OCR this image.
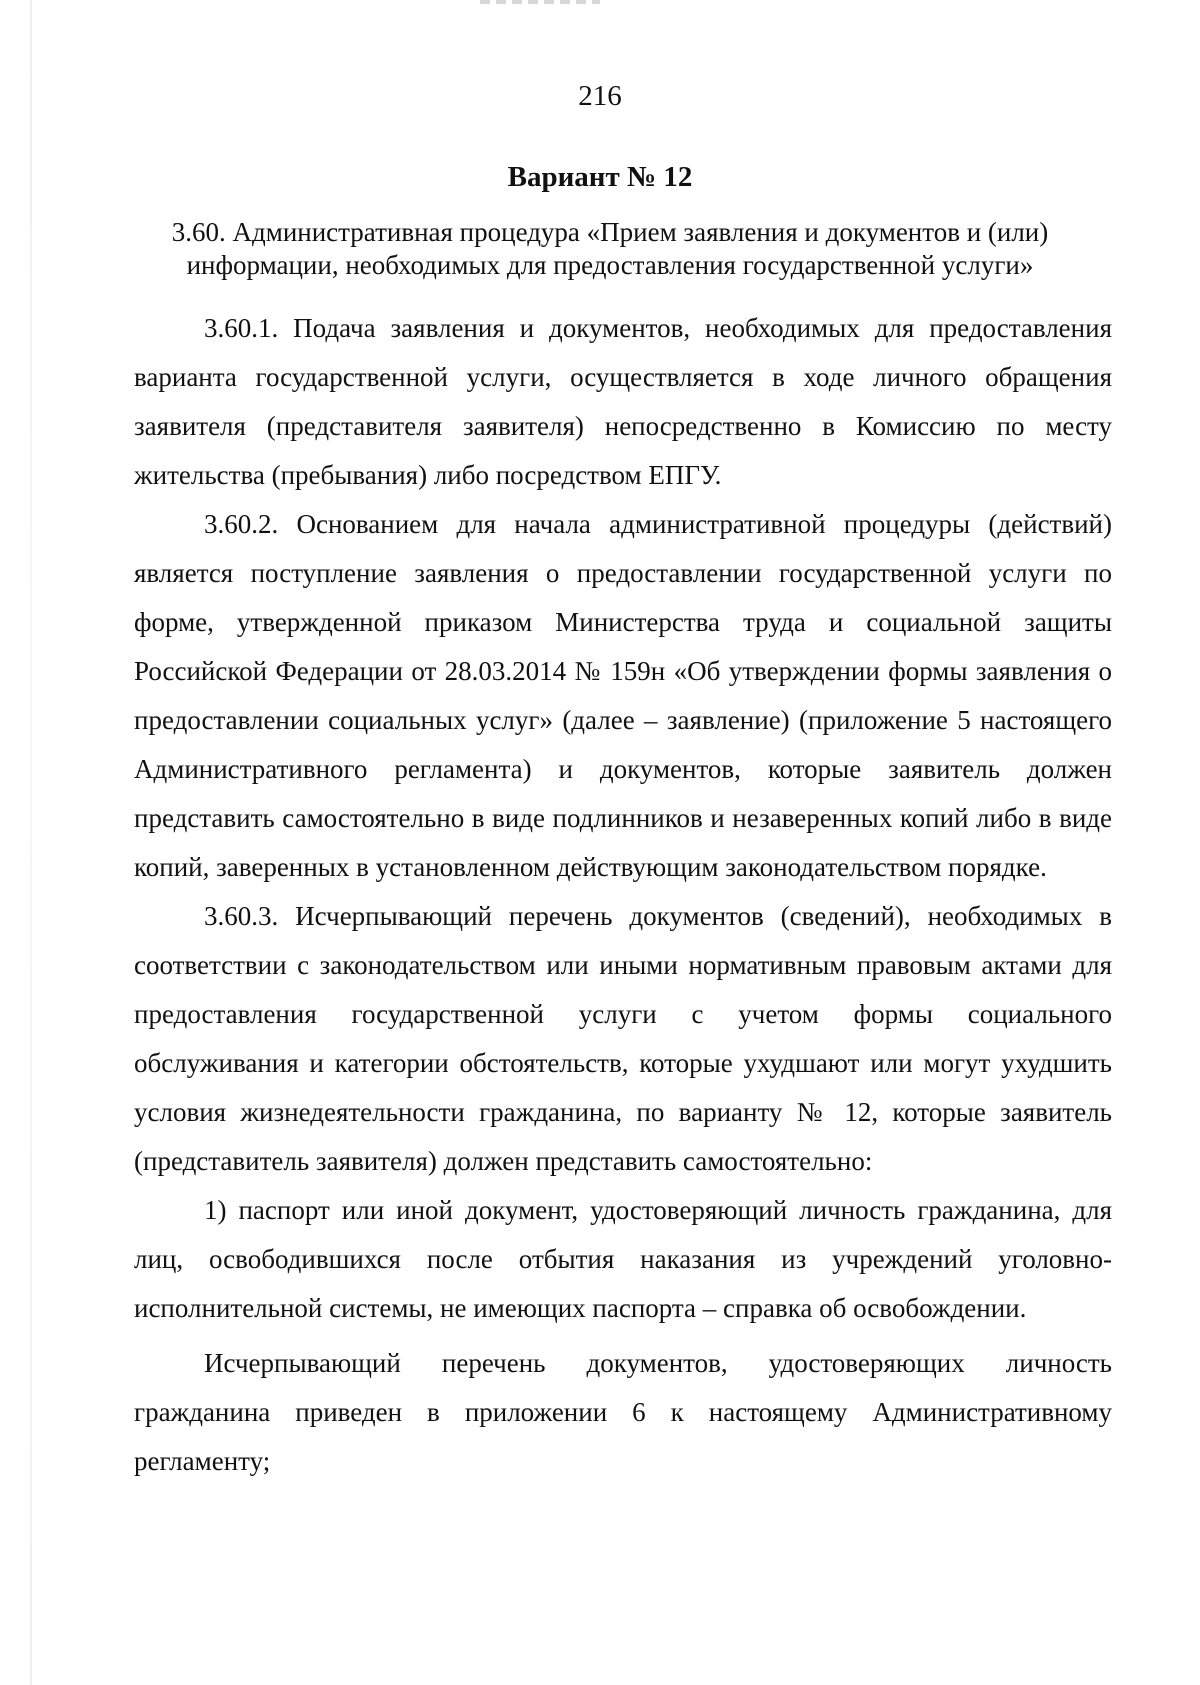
216
Вариант № 12
3.60. Административная процедура «Прием заявления и документов и (или)
информации, необходимых для предоставления государственной услуги»

3.60.1. Подача заявления и документов, необходимых для предоставления варианта государственной услуги, осуществляется в ходе личного обращения заявителя (представителя заявителя) непосредственно в Комиссию по месту жительства (пребывания) либо посредством ЕПГУ.

3.60.2. Основанием для начала административной процедуры (действий) является поступление заявления о предоставлении государственной услуги по форме, утвержденной приказом Министерства труда и социальной защиты Российской Федерации от 28.03.2014 № 159н «Об утверждении формы заявления о предоставлении социальных услуг» (далее – заявление) (приложение 5 настоящего Административного регламента) и документов, которые заявитель должен представить самостоятельно в виде подлинников и незаверенных копий либо в виде копий, заверенных в установленном действующим законодательством порядке.

3.60.3. Исчерпывающий перечень документов (сведений), необходимых в соответствии с законодательством или иными нормативным правовым актами для предоставления государственной услуги с учетом формы социального обслуживания и категории обстоятельств, которые ухудшают или могут ухудшить условия жизнедеятельности гражданина, по варианту № 12, которые заявитель (представитель заявителя) должен представить самостоятельно:

1) паспорт или иной документ, удостоверяющий личность гражданина, для лиц, освободившихся после отбытия наказания из учреждений уголовно-исполнительной системы, не имеющих паспорта – справка об освобождении.

Исчерпывающий перечень документов, удостоверяющих личность гражданина приведен в приложении 6 к настоящему Административному регламенту;
